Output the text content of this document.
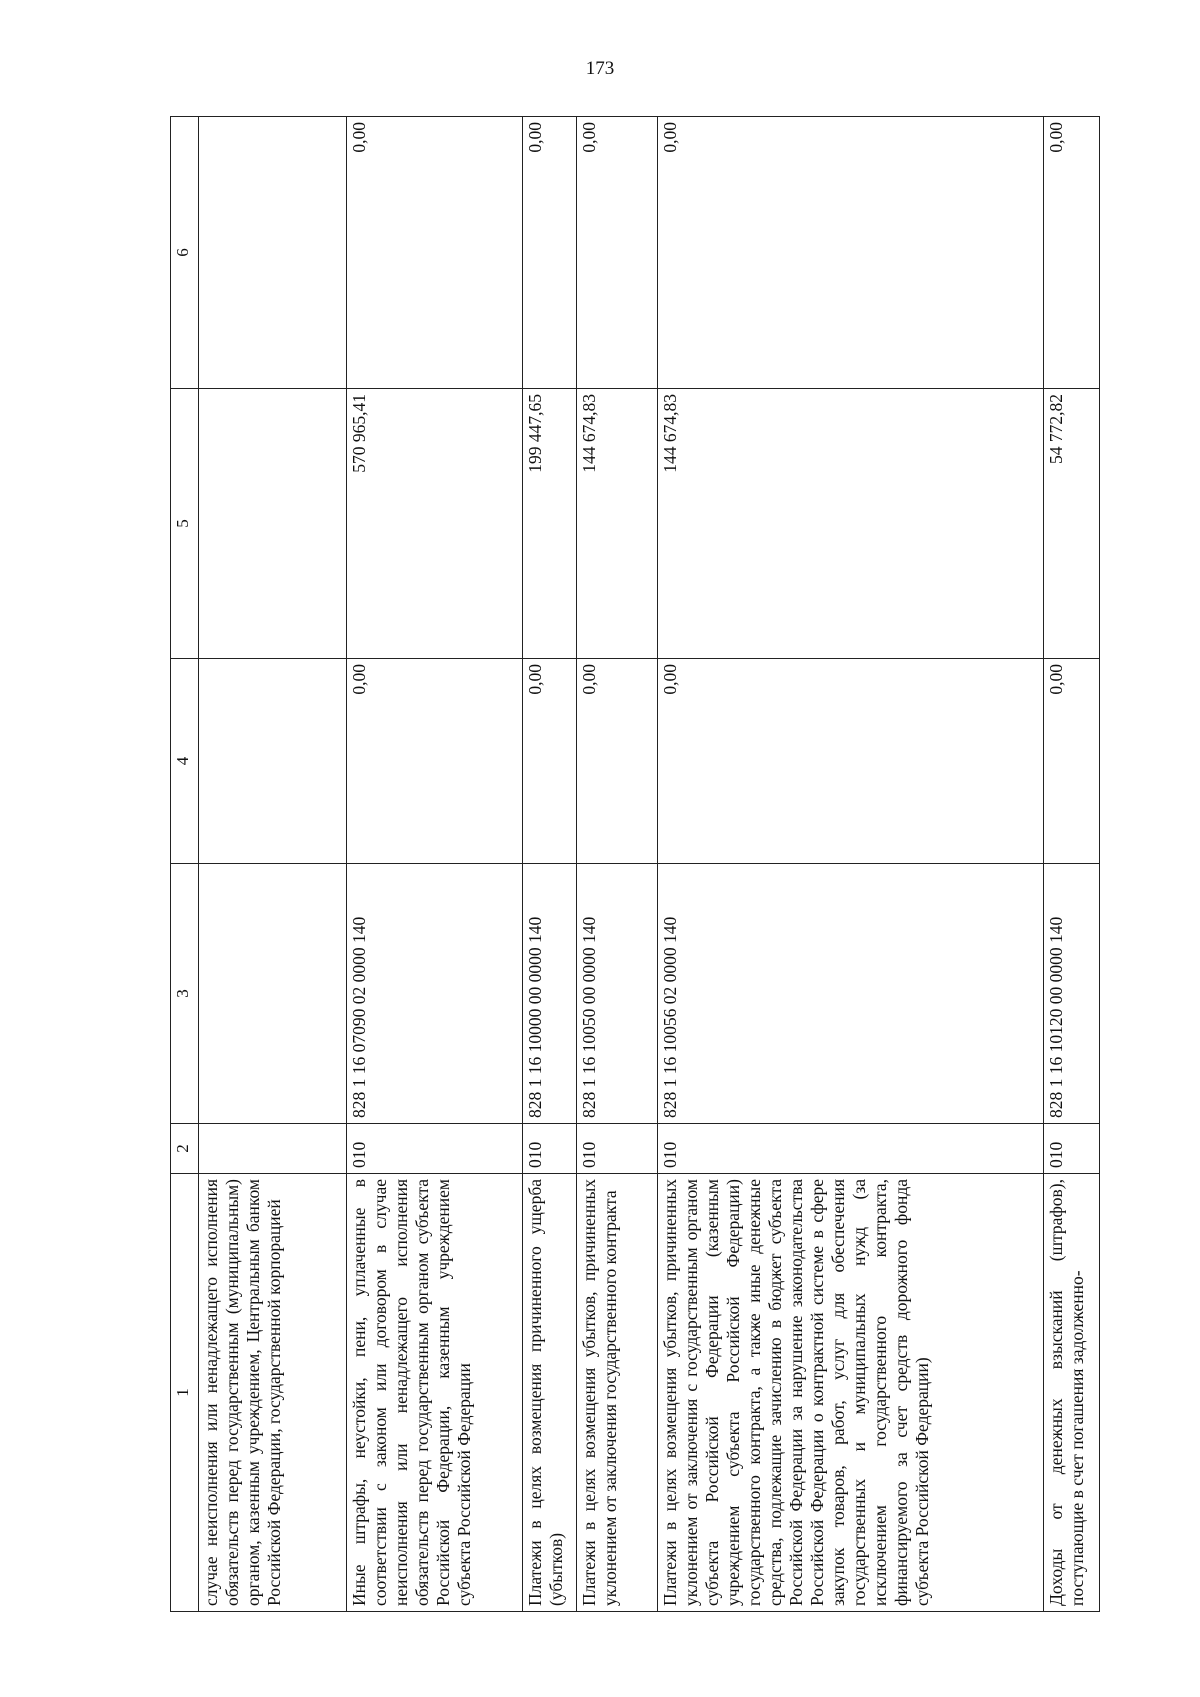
173
1	2	3	4	5	6
случае неисполнения или ненадлежащего исполнения обязательств перед государственным (муниципальным) органом, казенным учреждением, Центральным банком Российской Федерации, государственной корпорацией					
Иные штрафы, неустойки, пени, уплаченные в соответствии с законом или договором в случае неисполнения или ненадлежащего исполнения обязательств перед государственным органом субъекта Российской Федерации, казенным учреждением субъекта Российской Федерации	010	828 1 16 07090 02 0000 140	0,00	570 965,41	0,00
Платежи в целях возмещения причиненного ущерба (убытков)	010	828 1 16 10000 00 0000 140	0,00	199 447,65	0,00
Платежи в целях возмещения убытков, причиненных уклонением от заключения государственного контракта	010	828 1 16 10050 00 0000 140	0,00	144 674,83	0,00
Платежи в целях возмещения убытков, причиненных уклонением от заключения с государственным органом субъекта Российской Федерации (казенным учреждением субъекта Российской Федерации) государственного контракта, а также иные денежные средства, подлежащие зачислению в бюджет субъекта Российской Федерации за нарушение законодательства Российской Федерации о контрактной системе в сфере закупок товаров, работ, услуг для обеспечения государственных и муниципальных нужд (за исключением государственного контракта, финансируемого за счет средств дорожного фонда субъекта Российской Федерации)	010	828 1 16 10056 02 0000 140	0,00	144 674,83	0,00
Доходы от денежных взысканий (штрафов), поступающие в счет погашения задолженно-	010	828 1 16 10120 00 0000 140	0,00	54 772,82	0,00
